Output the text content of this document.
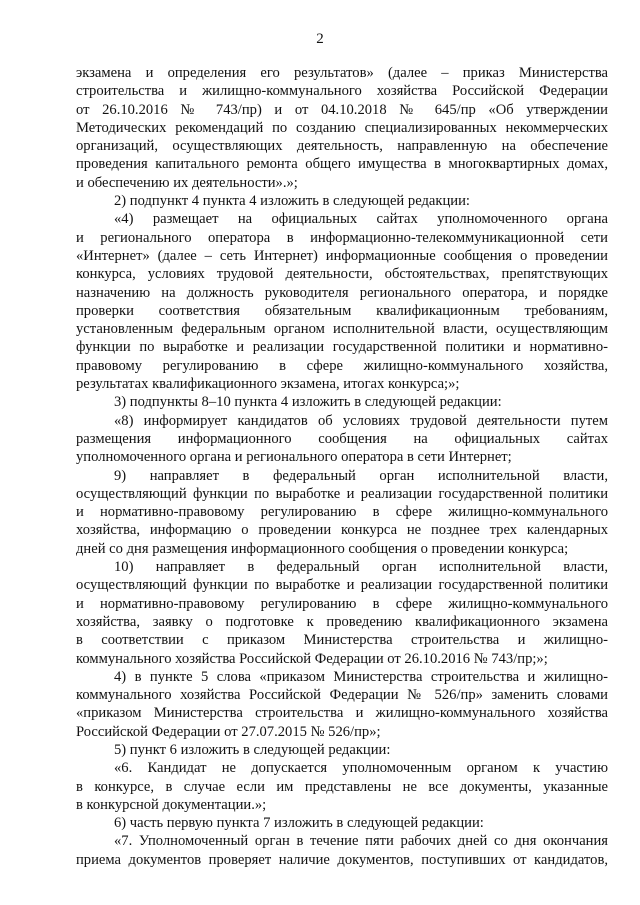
2
экзамена и определения его результатов» (далее – приказ Министерства
строительства и жилищно-коммунального хозяйства Российской Федерации
от 26.10.2016 № 743/пр) и от 04.10.2018 № 645/пр «Об утверждении
Методических рекомендаций по созданию специализированных некоммерческих
организаций, осуществляющих деятельность, направленную на обеспечение
проведения капитального ремонта общего имущества в многоквартирных домах,
и обеспечению их деятельности».»;
2) подпункт 4 пункта 4 изложить в следующей редакции:
«4) размещает на официальных сайтах уполномоченного органа
и регионального оператора в информационно-телекоммуникационной сети
«Интернет» (далее – сеть Интернет) информационные сообщения о проведении
конкурса, условиях трудовой деятельности, обстоятельствах, препятствующих
назначению на должность руководителя регионального оператора, и порядке
проверки соответствия обязательным квалификационным требованиям,
установленным федеральным органом исполнительной власти, осуществляющим
функции по выработке и реализации государственной политики и нормативно-
правовому регулированию в сфере жилищно-коммунального хозяйства,
результатах квалификационного экзамена, итогах конкурса;»;
3) подпункты 8–10 пункта 4 изложить в следующей редакции:
«8) информирует кандидатов об условиях трудовой деятельности путем
размещения информационного сообщения на официальных сайтах
уполномоченного органа и регионального оператора в сети Интернет;
9) направляет в федеральный орган исполнительной власти,
осуществляющий функции по выработке и реализации государственной политики
и нормативно-правовому регулированию в сфере жилищно-коммунального
хозяйства, информацию о проведении конкурса не позднее трех календарных
дней со дня размещения информационного сообщения о проведении конкурса;
10) направляет в федеральный орган исполнительной власти,
осуществляющий функции по выработке и реализации государственной политики
и нормативно-правовому регулированию в сфере жилищно-коммунального
хозяйства, заявку о подготовке к проведению квалификационного экзамена
в соответствии с приказом Министерства строительства и жилищно-
коммунального хозяйства Российской Федерации от 26.10.2016 № 743/пр;»;
4) в пункте 5 слова «приказом Министерства строительства и жилищно-
коммунального хозяйства Российской Федерации № 526/пр» заменить словами
«приказом Министерства строительства и жилищно-коммунального хозяйства
Российской Федерации от 27.07.2015 № 526/пр»;
5) пункт 6 изложить в следующей редакции:
«6. Кандидат не допускается уполномоченным органом к участию
в конкурсе, в случае если им представлены не все документы, указанные
в конкурсной документации.»;
6) часть первую пункта 7 изложить в следующей редакции:
«7. Уполномоченный орган в течение пяти рабочих дней со дня окончания
приема документов проверяет наличие документов, поступивших от кандидатов,
